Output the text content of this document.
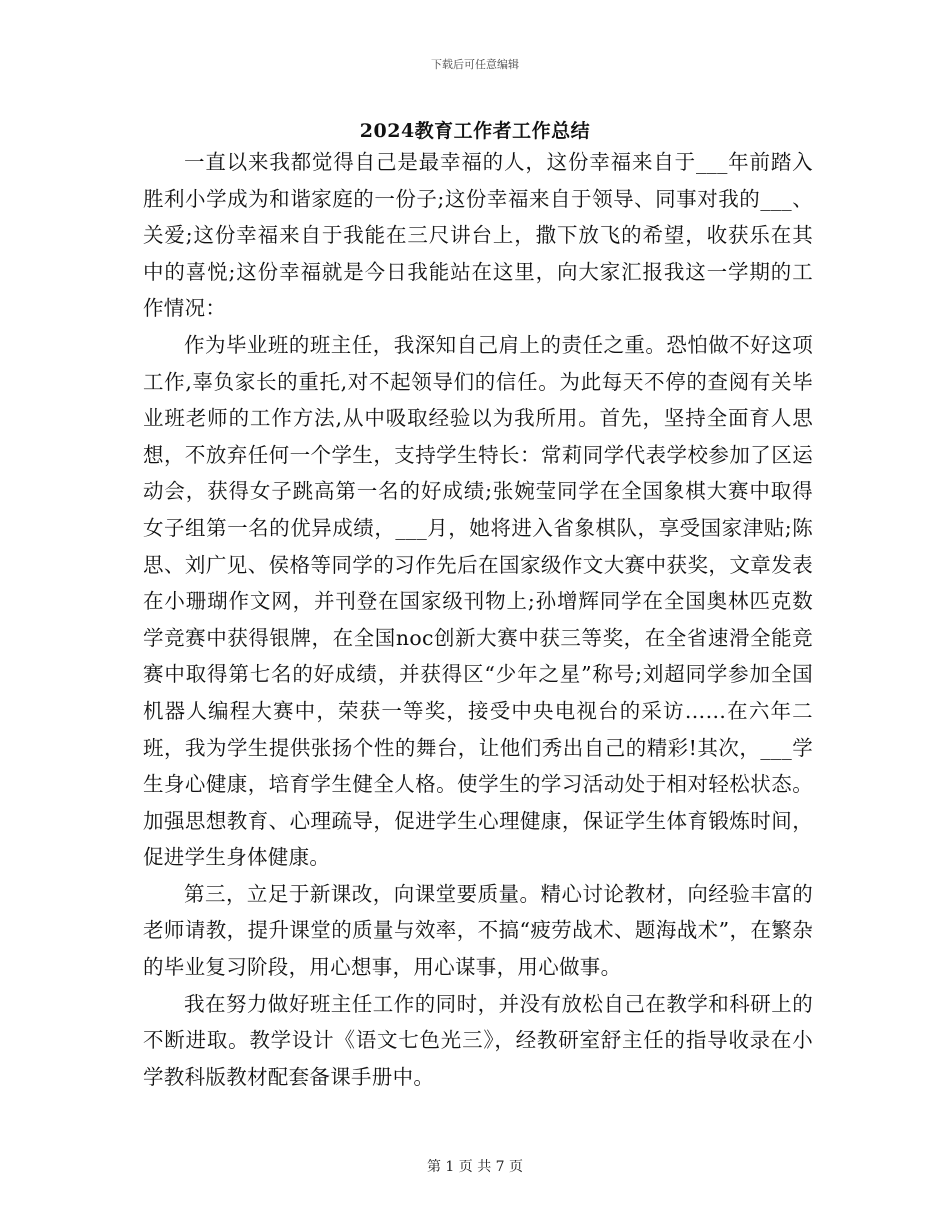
下载后可任意编辑
2024教育工作者工作总结

一直以来我都觉得自己是最幸福的人，这份幸福来自于___年前踏入胜利小学成为和谐家庭的一份子;这份幸福来自于领导、同事对我的___、关爱;这份幸福来自于我能在三尺讲台上，撒下放飞的希望，收获乐在其中的喜悦;这份幸福就是今日我能站在这里，向大家汇报我这一学期的工作情况：

作为毕业班的班主任，我深知自己肩上的责任之重。恐怕做不好这项工作,辜负家长的重托,对不起领导们的信任。为此每天不停的查阅有关毕业班老师的工作方法,从中吸取经验以为我所用。首先，坚持全面育人思想，不放弃任何一个学生，支持学生特长：常莉同学代表学校参加了区运动会，获得女子跳高第一名的好成绩;张婉莹同学在全国象棋大赛中取得女子组第一名的优异成绩，___月，她将进入省象棋队，享受国家津贴;陈思、刘广见、侯格等同学的习作先后在国家级作文大赛中获奖，文章发表在小珊瑚作文网，并刊登在国家级刊物上;孙增辉同学在全国奥林匹克数学竞赛中获得银牌，在全国noc创新大赛中获三等奖，在全省速滑全能竞赛中取得第七名的好成绩，并获得区“少年之星”称号;刘超同学参加全国机器人编程大赛中，荣获一等奖，接受中央电视台的采访……在六年二班，我为学生提供张扬个性的舞台，让他们秀出自己的精彩!其次，___学生身心健康，培育学生健全人格。使学生的学习活动处于相对轻松状态。加强思想教育、心理疏导，促进学生心理健康，保证学生体育锻炼时间，促进学生身体健康。

第三，立足于新课改，向课堂要质量。精心讨论教材，向经验丰富的老师请教，提升课堂的质量与效率，不搞“疲劳战术、题海战术”，在繁杂的毕业复习阶段，用心想事，用心谋事，用心做事。

我在努力做好班主任工作的同时，并没有放松自己在教学和科研上的不断进取。教学设计《语文七色光三》，经教研室舒主任的指导收录在小学教科版教材配套备课手册中。

第 1 页 共 7 页
